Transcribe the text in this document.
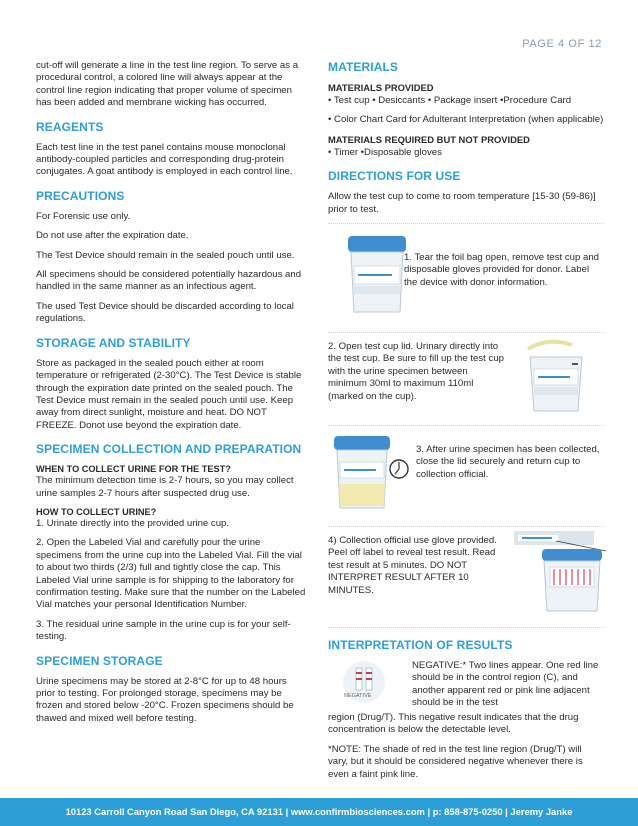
PAGE 4 OF 12

cut-off will generate a line in the test line region. To serve as a procedural control, a colored line will always appear at the control line region indicating that proper volume of specimen has been added and membrane wicking has occurred.

REAGENTS

Each test line in the test panel contains mouse monoclonal antibody-coupled particles and corresponding drug-protein conjugates. A goat antibody is employed in each control line.

PRECAUTIONS

For Forensic use only.

Do not use after the expiration date.

The Test Device should remain in the sealed pouch until use.

All specimens should be considered potentially hazardous and handled in the same manner as an infectious agent.

The used Test Device should be discarded according to local regulations.

STORAGE AND STABILITY

Store as packaged in the sealed pouch either at room temperature or refrigerated (2-30°C). The Test Device is stable through the expiration date printed on the sealed pouch. The Test Device must remain in the sealed pouch until use. Keep away from direct sunlight, moisture and heat. DO NOT FREEZE. Donot use beyond the expiration date.

SPECIMEN COLLECTION AND PREPARATION
WHEN TO COLLECT URINE FOR THE TEST?

The minimum detection time is 2-7 hours, so you may collect urine samples 2-7 hours after suspected drug use.

HOW TO COLLECT URINE?

1. Urinate directly into the provided urine cup.

2. Open the Labeled Vial and carefully pour the urine specimens from the urine cup into the Labeled Vial. Fill the vial to about two thirds (2/3) full and tightly close the cap. This Labeled Vial urine sample is for shipping to the laboratory for confirmation testing. Make sure that the number on the Labeled Vial matches your personal Identification Number.

3. The residual urine sample in the urine cup is for your self-testing.

SPECIMEN STORAGE

Urine specimens may be stored at 2-8°C for up to 48 hours prior to testing. For prolonged storage, specimens may be frozen and stored below -20°C. Frozen specimens should be thawed and mixed well before testing.

MATERIALS
MATERIALS PROVIDED

• Test cup • Desiccants • Package insert •Procedure Card

• Color Chart Card for Adulterant Interpretation (when applicable)

MATERIALS REQUIRED BUT NOT PROVIDED

• Timer •Disposable gloves

DIRECTIONS FOR USE

Allow the test cup to come to room temperature [15-30 (59-86)] prior to test.

1. Tear the foil bag open, remove test cup and disposable gloves provided for donor. Label the device with donor information.

2. Open test cup lid. Urinary directly into the test cup. Be sure to fill up the test cup with the urine specimen between minimum 30ml to maximum 110ml (marked on the cup).

3. After urine specimen has been collected, close the lid securely and return cup to collection official.

4) Collection official use glove provided. Peel off label to reveal test result. Read test result at 5 minutes. DO NOT INTERPRET RESULT AFTER 10 MINUTES.

INTERPRETATION OF RESULTS
NEGATIVE

NEGATIVE:* Two lines appear. One red line should be in the control region (C), and another apparent red or pink line adjacent should be in the test

region (Drug/T). This negative result indicates that the drug concentration is below the detectable level.

*NOTE: The shade of red in the test line region (Drug/T) will vary, but it should be considered negative whenever there is even a faint pink line.

10123 Carroll Canyon Road San Diego, CA 92131 | www.confirmbiosciences.com | p: 858-875-0250 | Jeremy Janke
